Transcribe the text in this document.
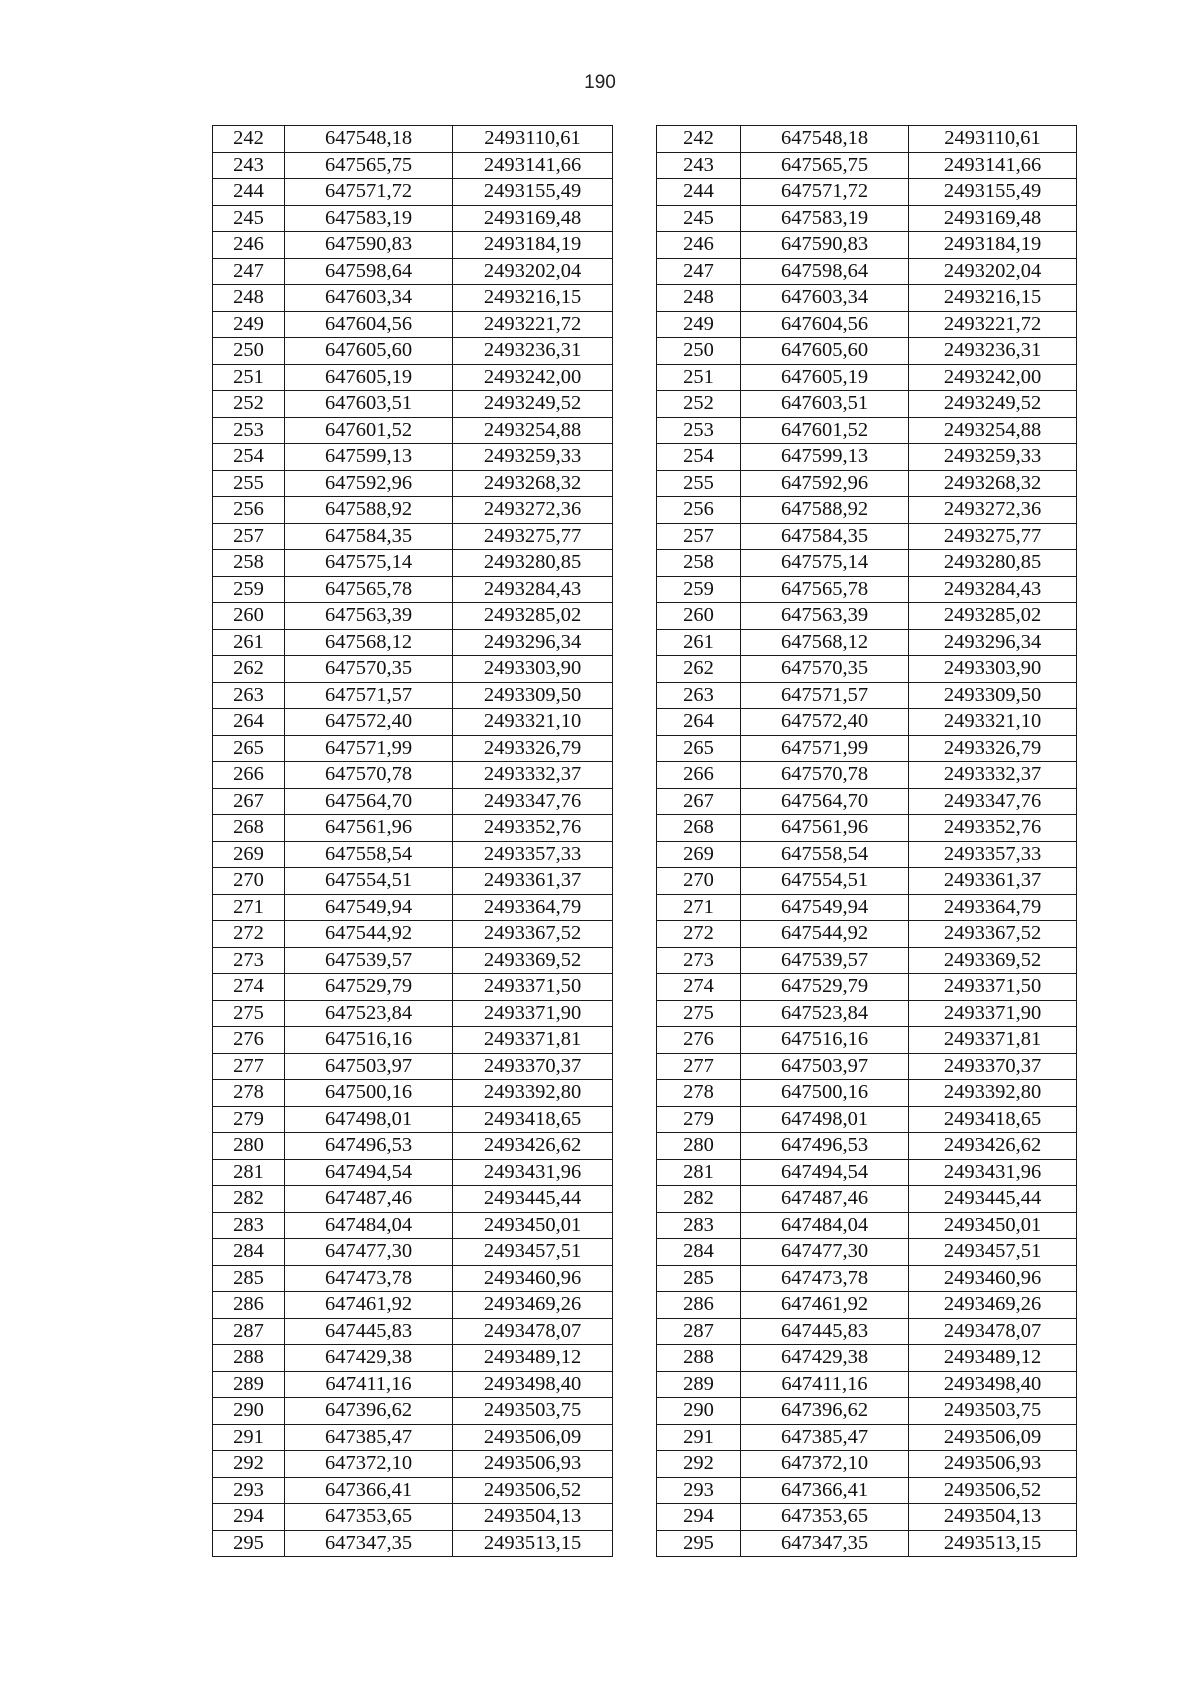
190
242	647548,18	2493110,61		242	647548,18	2493110,61
243	647565,75	2493141,66		243	647565,75	2493141,66
244	647571,72	2493155,49		244	647571,72	2493155,49
245	647583,19	2493169,48		245	647583,19	2493169,48
246	647590,83	2493184,19		246	647590,83	2493184,19
247	647598,64	2493202,04		247	647598,64	2493202,04
248	647603,34	2493216,15		248	647603,34	2493216,15
249	647604,56	2493221,72		249	647604,56	2493221,72
250	647605,60	2493236,31		250	647605,60	2493236,31
251	647605,19	2493242,00		251	647605,19	2493242,00
252	647603,51	2493249,52		252	647603,51	2493249,52
253	647601,52	2493254,88		253	647601,52	2493254,88
254	647599,13	2493259,33		254	647599,13	2493259,33
255	647592,96	2493268,32		255	647592,96	2493268,32
256	647588,92	2493272,36		256	647588,92	2493272,36
257	647584,35	2493275,77		257	647584,35	2493275,77
258	647575,14	2493280,85		258	647575,14	2493280,85
259	647565,78	2493284,43		259	647565,78	2493284,43
260	647563,39	2493285,02		260	647563,39	2493285,02
261	647568,12	2493296,34		261	647568,12	2493296,34
262	647570,35	2493303,90		262	647570,35	2493303,90
263	647571,57	2493309,50		263	647571,57	2493309,50
264	647572,40	2493321,10		264	647572,40	2493321,10
265	647571,99	2493326,79		265	647571,99	2493326,79
266	647570,78	2493332,37		266	647570,78	2493332,37
267	647564,70	2493347,76		267	647564,70	2493347,76
268	647561,96	2493352,76		268	647561,96	2493352,76
269	647558,54	2493357,33		269	647558,54	2493357,33
270	647554,51	2493361,37		270	647554,51	2493361,37
271	647549,94	2493364,79		271	647549,94	2493364,79
272	647544,92	2493367,52		272	647544,92	2493367,52
273	647539,57	2493369,52		273	647539,57	2493369,52
274	647529,79	2493371,50		274	647529,79	2493371,50
275	647523,84	2493371,90		275	647523,84	2493371,90
276	647516,16	2493371,81		276	647516,16	2493371,81
277	647503,97	2493370,37		277	647503,97	2493370,37
278	647500,16	2493392,80		278	647500,16	2493392,80
279	647498,01	2493418,65		279	647498,01	2493418,65
280	647496,53	2493426,62		280	647496,53	2493426,62
281	647494,54	2493431,96		281	647494,54	2493431,96
282	647487,46	2493445,44		282	647487,46	2493445,44
283	647484,04	2493450,01		283	647484,04	2493450,01
284	647477,30	2493457,51		284	647477,30	2493457,51
285	647473,78	2493460,96		285	647473,78	2493460,96
286	647461,92	2493469,26		286	647461,92	2493469,26
287	647445,83	2493478,07		287	647445,83	2493478,07
288	647429,38	2493489,12		288	647429,38	2493489,12
289	647411,16	2493498,40		289	647411,16	2493498,40
290	647396,62	2493503,75		290	647396,62	2493503,75
291	647385,47	2493506,09		291	647385,47	2493506,09
292	647372,10	2493506,93		292	647372,10	2493506,93
293	647366,41	2493506,52		293	647366,41	2493506,52
294	647353,65	2493504,13		294	647353,65	2493504,13
295	647347,35	2493513,15		295	647347,35	2493513,15
